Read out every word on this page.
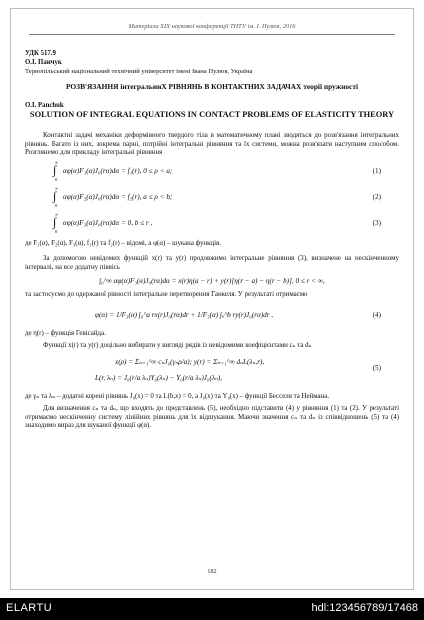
Матеріали XIX наукової конференції ТНТУ ім. І. Пулюя, 2016
УДК 517.9
О.І. Панчук
Тернопільський національний технічний університет імені Івана Пулюя, Україна
РОЗВ'ЯЗАННЯ інтегральниХ РІВНЯНЬ В КОНТАКТНИХ ЗАДАЧАХ теорії пружності
O.I. Panchuk
SOLUTION OF INTEGRAL EQUATIONS IN CONTACT PROBLEMS OF ELASTICITY THEORY
Контактні задачі механіки деформівного твердого тіла в математичному плані зводяться до розв'язання інтегральних рівнянь. Багато із них, зокрема парні, потрійні інтегральні рівняння та їх системи, можна розв'язати наступним способом. Розглянемо для прикладу інтегральні рівняння
∞
∫
0
αφ(α)F₁(α)J₀(rα)dα = f₁(r), 0 ≤ ρ < a;	(1)
∞
∫
0
αφ(α)F₂(α)J₀(rα)dα = f₂(r), a ≤ ρ < b;	(2)
∞
∫
0
αφ(α)F₃(α)J₀(rα)dα = 0, b ≤ r ,	(3)
де F₁(α), F₂(α), F₃(α), f₁(r) та f₂(r) – відомі, а φ(α) – шукана функція.
За допомогою невідомих функцій x(r) та y(r) продовжимо інтегральне рівняння (3), визначене на нескінченному інтервалі, на все додатну піввісь
∫₀^∞ αφ(α)F₃(α)J₀(rα)dα = x(r)η(a − r) + y(r)[η(r − a) − η(r − b)], 0 ≤ r < ∞,
та застосуємо до одержаної рівності інтегральне перетворення Ганкеля. У результаті отримаємо
φ(α) = 1/F₃(α) ∫₀^a rx(r)J₀(rα)dr + 1/F₃(α) ∫ₐ^b ry(r)J₀(rα)dr ,	(4)
де η(r) – функція Гевісайда.
Функції x(r) та y(r) доцільно вибирати у вигляді рядів із невідомими коефіцієнтами cₙ та dₙ
x(ρ) = Σₙ₌₁^∞ cₙJ₀(γₙρ/a); y(r) = Σₙ₌₁^∞ dₙL(λₙ,r),
L(r, λₙ) = J₀(r/a λₙ)Y₀(λₙ) − Y₀(r/a λₙ)J₀(λₙ),
(5)
де γₙ та λₙ – додатні корені рівнянь J₀(x) = 0 та L(b,x) = 0, а J₀(x) та Y₀(x) – функції Бесселя та Неймана.
Для визначення cₙ та dₙ, що входять до представлень (5), необхідно підставити (4) у рівняння (1) та (2). У результаті отримаємо нескінченну систему лінійних рівнянь для їх відшукання. Маючи значення cₙ та dₙ із співвідношень (5) та (4) знаходимо вираз для шуканої функції φ(α).
182
ELARTU	hdl:123456789/17468
